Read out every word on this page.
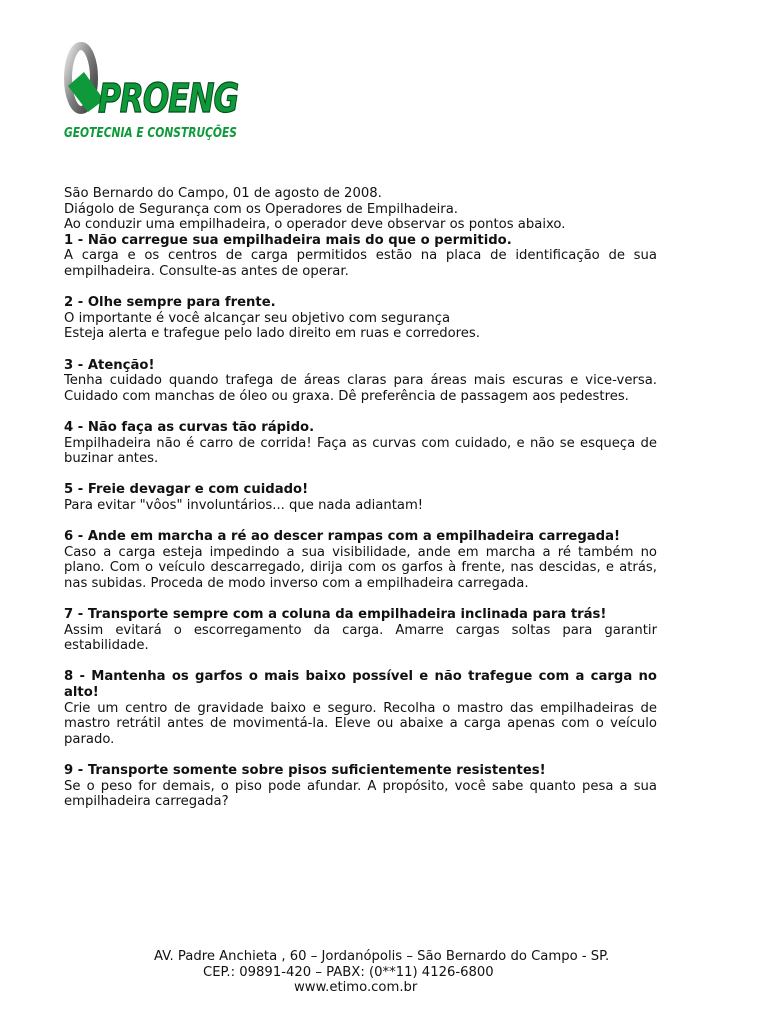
PROENG
GEOTECNIA E CONSTRUÇÕES

São Bernardo do Campo, 01 de agosto de 2008.

Diágolo de Segurança com os Operadores de Empilhadeira.

Ao conduzir uma empilhadeira, o operador deve observar os pontos abaixo.

1 - Não carregue sua empilhadeira mais do que o permitido.

A carga e os centros de carga permitidos estão na placa de identificação de sua empilhadeira. Consulte-as antes de operar.

2 - Olhe sempre para frente.

O importante é você alcançar seu objetivo com segurança

Esteja alerta e trafegue pelo lado direito em ruas e corredores.

3 - Atenção!

Tenha cuidado quando trafega de áreas claras para áreas mais escuras e vice-versa. Cuidado com manchas de óleo ou graxa. Dê preferência de passagem aos pedestres.

4 - Não faça as curvas tão rápido.

Empilhadeira não é carro de corrida! Faça as curvas com cuidado, e não se esqueça de buzinar antes.

5 - Freie devagar e com cuidado!

Para evitar "vôos" involuntários... que nada adiantam!

6 - Ande em marcha a ré ao descer rampas com a empilhadeira carregada!

Caso a carga esteja impedindo a sua visibilidade, ande em marcha a ré também no plano. Com o veículo descarregado, dirija com os garfos à frente, nas descidas, e atrás, nas subidas. Proceda de modo inverso com a empilhadeira carregada.

7 - Transporte sempre com a coluna da empilhadeira inclinada para trás!

Assim evitará o escorregamento da carga. Amarre cargas soltas para garantir estabilidade.

8 - Mantenha os garfos o mais baixo possível e não trafegue com a carga no alto!

Crie um centro de gravidade baixo e seguro. Recolha o mastro das empilhadeiras de mastro retrátil antes de movimentá-la. Eleve ou abaixe a carga apenas com o veículo parado.

9 - Transporte somente sobre pisos suficientemente resistentes!

Se o peso for demais, o piso pode afundar. A propósito, você sabe quanto pesa a sua empilhadeira carregada?

AV. Padre Anchieta , 60 – Jordanópolis – São Bernardo do Campo - SP.
CEP.: 09891-420 – PABX: (0**11) 4126-6800
www.etimo.com.br
